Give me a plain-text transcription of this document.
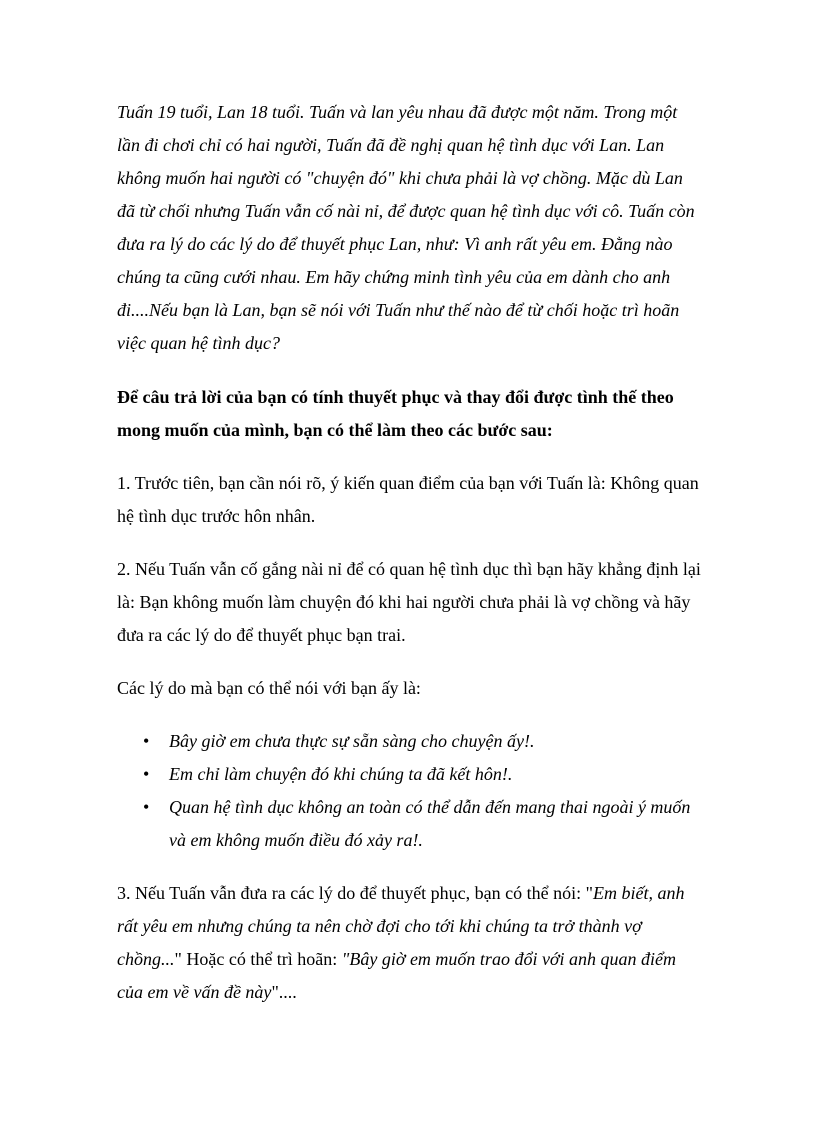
Tuấn 19 tuổi, Lan 18 tuổi. Tuấn và lan yêu nhau đã được một năm. Trong một lần đi chơi chỉ có hai người, Tuấn đã đề nghị quan hệ tình dục với Lan. Lan không muốn hai người có "chuyện đó" khi chưa phải là vợ chồng. Mặc dù Lan đã từ chối nhưng Tuấn vẫn cố nài nỉ, để được quan hệ tình dục với cô. Tuấn còn đưa ra lý do các lý do để thuyết phục Lan, như: Vì anh rất yêu em. Đằng nào chúng ta cũng cưới nhau. Em hãy chứng minh tình yêu của em dành cho anh đi....Nếu bạn là Lan, bạn sẽ nói với Tuấn như thế nào để từ chối hoặc trì hoãn việc quan hệ tình dục?

Để câu trả lời của bạn có tính thuyết phục và thay đổi được tình thế theo mong muốn của mình, bạn có thể làm theo các bước sau:

1. Trước tiên, bạn cần nói rõ, ý kiến quan điểm của bạn với Tuấn là: Không quan hệ tình dục trước hôn nhân.

2. Nếu Tuấn vẫn cố gắng nài nỉ để có quan hệ tình dục thì bạn hãy khẳng định lại là: Bạn không muốn làm chuyện đó khi hai người chưa phải là vợ chồng và hãy đưa ra các lý do để thuyết phục bạn trai.

Các lý do mà bạn có thể nói với bạn ấy là:

• Bây giờ em chưa thực sự sẵn sàng cho chuyện ấy!.
• Em chỉ làm chuyện đó khi chúng ta đã kết hôn!.
• Quan hệ tình dục không an toàn có thể dẫn đến mang thai ngoài ý muốn và em không muốn điều đó xảy ra!.

3. Nếu Tuấn vẫn đưa ra các lý do để thuyết phục, bạn có thể nói: "Em biết, anh rất yêu em nhưng chúng ta nên chờ đợi cho tới khi chúng ta trở thành vợ chồng..." Hoặc có thể trì hoãn: "Bây giờ em muốn trao đổi với anh quan điểm của em về vấn đề này"....
